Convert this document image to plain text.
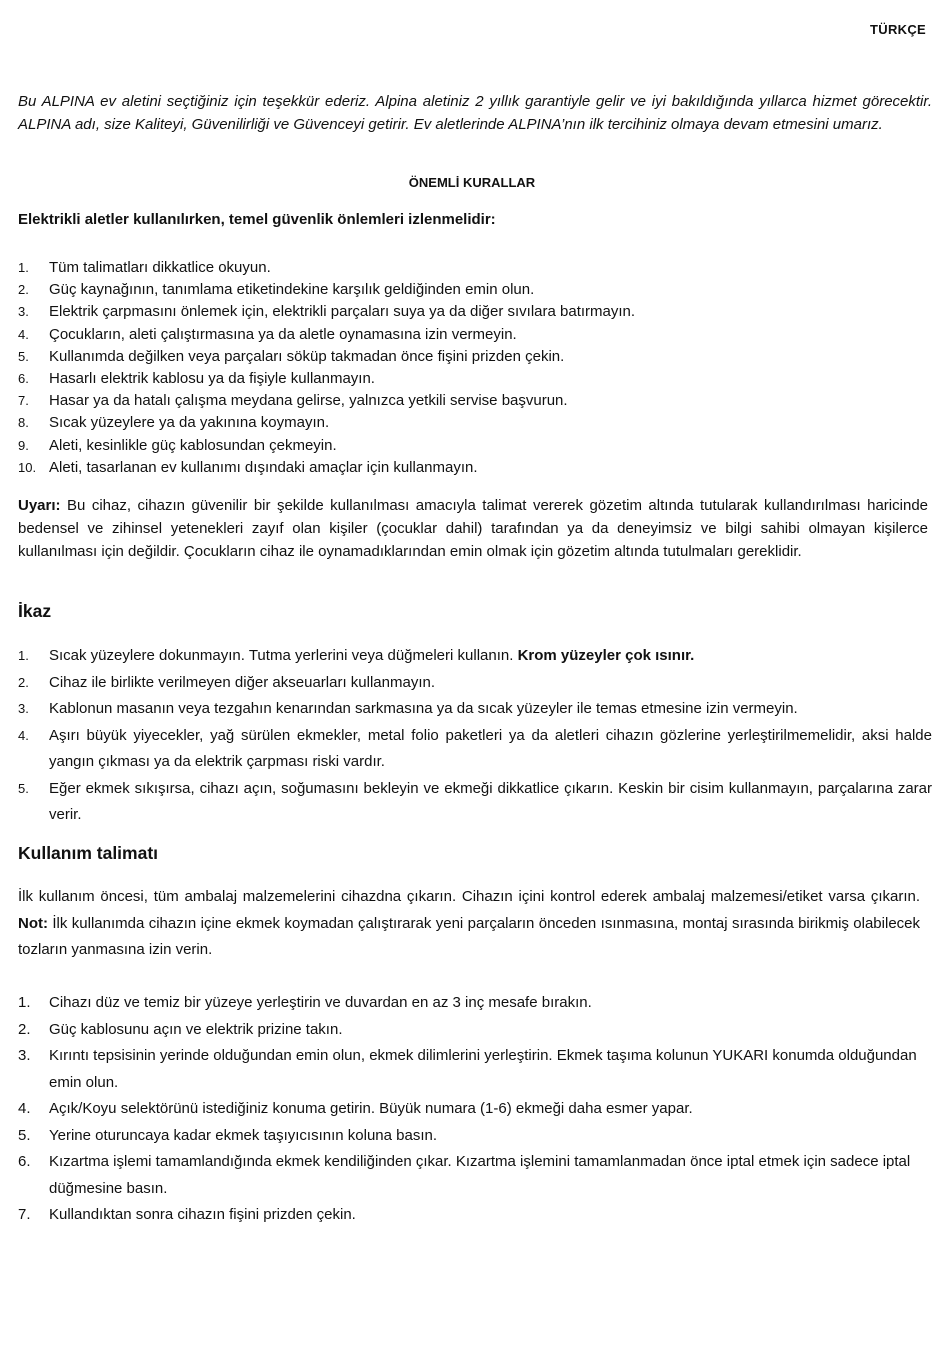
TÜRKÇE

Bu ALPINA ev aletini seçtiğiniz için teşekkür ederiz. Alpina aletiniz 2 yıllık garantiyle gelir ve iyi bakıldığında yıllarca hizmet görecektir. ALPINA adı, size Kaliteyi, Güvenilirliği ve Güvenceyi getirir. Ev aletlerinde ALPINA’nın ilk tercihiniz olmaya devam etmesini umarız.

ÖNEMLİ KURALLAR
Elektrikli aletler kullanılırken, temel güvenlik önlemleri izlenmelidir:
1. Tüm talimatları dikkatlice okuyun.
2. Güç kaynağının, tanımlama etiketindekine karşılık geldiğinden emin olun.
3. Elektrik çarpmasını önlemek için, elektrikli parçaları suya ya da diğer sıvılara batırmayın.
4. Çocukların, aleti çalıştırmasına ya da aletle oynamasına izin vermeyin.
5. Kullanımda değilken veya parçaları söküp takmadan önce fişini prizden çekin.
6. Hasarlı elektrik kablosu ya da fişiyle kullanmayın.
7. Hasar ya da hatalı çalışma meydana gelirse, yalnızca yetkili servise başvurun.
8. Sıcak yüzeylere ya da yakınına koymayın.
9. Aleti, kesinlikle güç kablosundan çekmeyin.
10. Aleti, tasarlanan ev kullanımı dışındaki amaçlar için kullanmayın.

Uyarı: Bu cihaz, cihazın güvenilir bir şekilde kullanılması amacıyla talimat vererek gözetim altında tutularak kullandırılması haricinde bedensel ve zihinsel yetenekleri zayıf olan kişiler (çocuklar dahil) tarafından ya da deneyimsiz ve bilgi sahibi olmayan kişilerce kullanılması için değildir. Çocukların cihaz ile oynamadıklarından emin olmak için gözetim altında tutulmaları gereklidir.

İkaz
1. Sıcak yüzeylere dokunmayın. Tutma yerlerini veya düğmeleri kullanın. Krom yüzeyler çok ısınır.
2. Cihaz ile birlikte verilmeyen diğer akseuarları kullanmayın.
3. Kablonun masanın veya tezgahın kenarından sarkmasına ya da sıcak yüzeyler ile temas etmesine izin vermeyin.
4. Aşırı büyük yiyecekler, yağ sürülen ekmekler, metal folio paketleri ya da aletleri cihazın gözlerine yerleştirilmemelidir, aksi halde yangın çıkması ya da elektrik çarpması riski vardır.
5. Eğer ekmek sıkışırsa, cihazı açın, soğumasını bekleyin ve ekmeği dikkatlice çıkarın. Keskin bir cisim kullanmayın, parçalarına zarar verir.
Kullanım talimatı

İlk kullanım öncesi, tüm ambalaj malzemelerini cihazdna çıkarın. Cihazın içini kontrol ederek ambalaj malzemesi/etiket varsa çıkarın. Not: İlk kullanımda cihazın içine ekmek koymadan çalıştırarak yeni parçaların önceden ısınmasına, montaj sırasında birikmiş olabilecek tozların yanmasına izin verin.

1. Cihazı düz ve temiz bir yüzeye yerleştirin ve duvardan en az 3 inç mesafe bırakın.
2. Güç kablosunu açın ve elektrik prizine takın.
3. Kırıntı tepsisinin yerinde olduğundan emin olun, ekmek dilimlerini yerleştirin. Ekmek taşıma kolunun YUKARI konumda olduğundan emin olun.
4. Açık/Koyu selektörünü istediğiniz konuma getirin. Büyük numara (1-6) ekmeği daha esmer yapar.
5. Yerine oturuncaya kadar ekmek taşıyıcısının koluna basın.
6. Kızartma işlemi tamamlandığında ekmek kendiliğinden çıkar. Kızartma işlemini tamamlanmadan önce iptal etmek için sadece iptal düğmesine basın.
7. Kullandıktan sonra cihazın fişini prizden çekin.
